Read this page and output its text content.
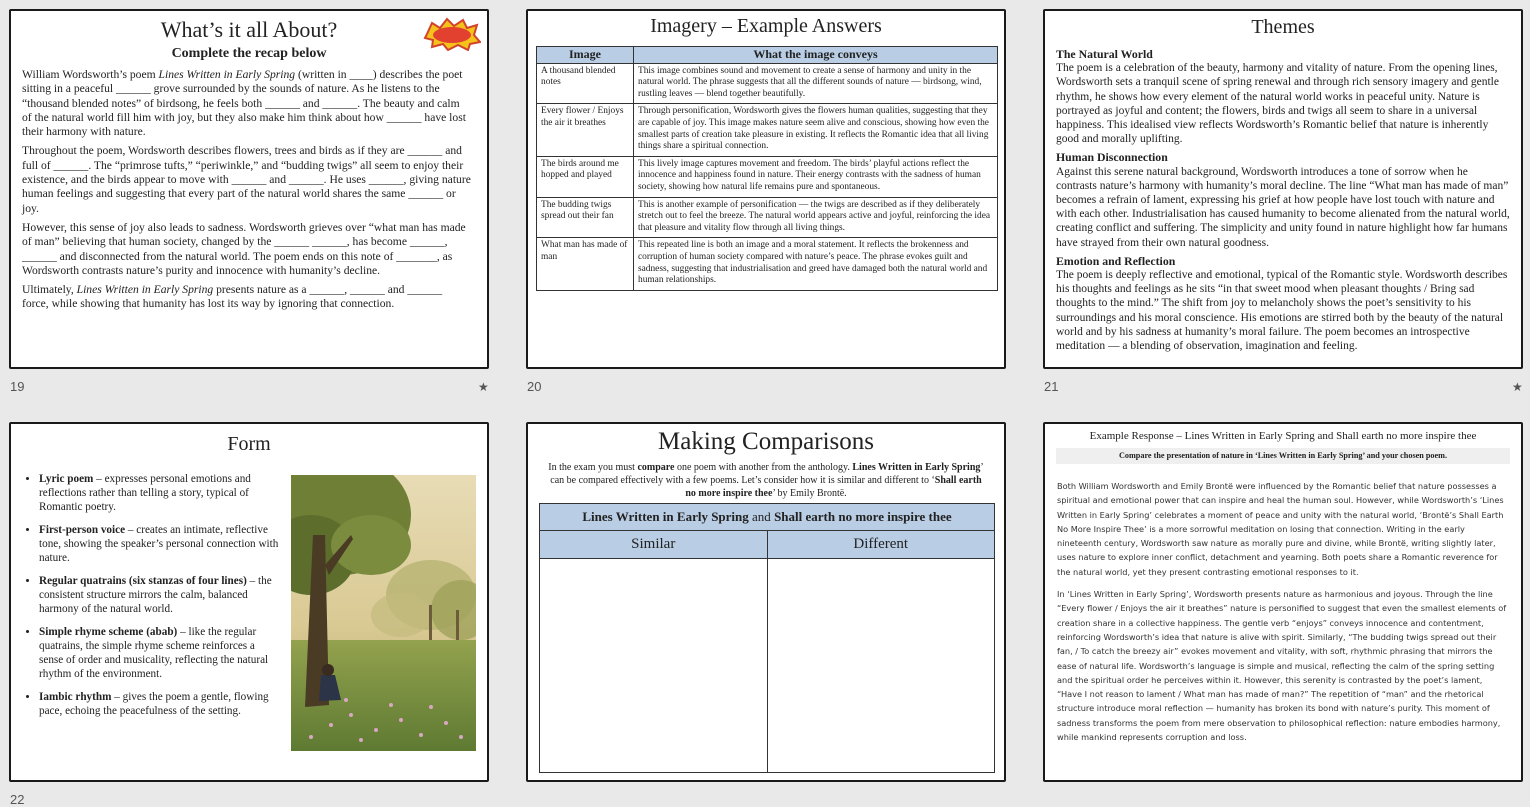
What’s it all About?
Complete the recap below

William Wordsworth’s poem Lines Written in Early Spring (written in ____) describes the poet sitting in a peaceful ______ grove surrounded by the sounds of nature. As he listens to the “thousand blended notes” of birdsong, he feels both ______ and ______. The beauty and calm of the natural world fill him with joy, but they also make him think about how ______ have lost their harmony with nature.

Throughout the poem, Wordsworth describes flowers, trees and birds as if they are ______ and full of ______. The “primrose tufts,” “periwinkle,” and “budding twigs” all seem to enjoy their existence, and the birds appear to move with ______ and ______. He uses ______, giving nature human feelings and suggesting that every part of the natural world shares the same ______ or joy.

However, this sense of joy also leads to sadness. Wordsworth grieves over “what man has made of man” believing that human society, changed by the ______ ______, has become ______, ______ and disconnected from the natural world. The poem ends on this note of _______, as Wordsworth contrasts nature’s purity and innocence with humanity’s decline.

Ultimately, Lines Written in Early Spring presents nature as a ______, ______ and ______ force, while showing that humanity has lost its way by ignoring that connection.

19	★
Imagery – Example Answers
Image	What the image conveys
A thousand blended notes	This image combines sound and movement to create a sense of harmony and unity in the natural world. The phrase suggests that all the different sounds of nature — birdsong, wind, rustling leaves — blend together beautifully.
Every flower / Enjoys the air it breathes	Through personification, Wordsworth gives the flowers human qualities, suggesting that they are capable of joy. This image makes nature seem alive and conscious, showing how even the smallest parts of creation take pleasure in existing. It reflects the Romantic idea that all living things share a spiritual connection.
The birds around me hopped and played	This lively image captures movement and freedom. The birds’ playful actions reflect the innocence and happiness found in nature. Their energy contrasts with the sadness of human society, showing how natural life remains pure and spontaneous.
The budding twigs spread out their fan	This is another example of personification — the twigs are described as if they deliberately stretch out to feel the breeze. The natural world appears active and joyful, reinforcing the idea that pleasure and vitality flow through all living things.
What man has made of man	This repeated line is both an image and a moral statement. It reflects the brokenness and corruption of human society compared with nature’s peace. The phrase evokes guilt and sadness, suggesting that industrialisation and greed have damaged both the natural world and human relationships.
20
Themes
The Natural World

The poem is a celebration of the beauty, harmony and vitality of nature. From the opening lines, Wordsworth sets a tranquil scene of spring renewal and through rich sensory imagery and gentle rhythm, he shows how every element of the natural world works in peaceful unity. Nature is portrayed as joyful and content; the flowers, birds and twigs all seem to share in a universal happiness. This idealised view reflects Wordsworth’s Romantic belief that nature is inherently good and morally uplifting.

Human Disconnection

Against this serene natural background, Wordsworth introduces a tone of sorrow when he contrasts nature’s harmony with humanity’s moral decline. The line “What man has made of man” becomes a refrain of lament, expressing his grief at how people have lost touch with nature and with each other. Industrialisation has caused humanity to become alienated from the natural world, creating conflict and suffering. The simplicity and unity found in nature highlight how far humans have strayed from their own natural goodness.

Emotion and Reflection

The poem is deeply reflective and emotional, typical of the Romantic style. Wordsworth describes his thoughts and feelings as he sits “in that sweet mood when pleasant thoughts / Bring sad thoughts to the mind.” The shift from joy to melancholy shows the poet’s sensitivity to his surroundings and his moral conscience. His emotions are stirred both by the beauty of the natural world and by his sadness at humanity’s moral failure. The poem becomes an introspective meditation — a blending of observation, imagination and feeling.

21	★
Form
• Lyric poem – expresses personal emotions and reflections rather than telling a story, typical of Romantic poetry.
• First-person voice – creates an intimate, reflective tone, showing the speaker’s personal connection with nature.
• Regular quatrains (six stanzas of four lines) – the consistent structure mirrors the calm, balanced harmony of the natural world.
• Simple rhyme scheme (abab) – like the regular quatrains, the simple rhyme scheme reinforces a sense of order and musicality, reflecting the natural rhythm of the environment.
• Iambic rhythm – gives the poem a gentle, flowing pace, echoing the peacefulness of the setting.
22
Making Comparisons
In the exam you must compare one poem with another from the anthology. Lines Written in Early Spring’ can be compared effectively with a few poems. Let’s consider how it is similar and different to ‘Shall earth no more inspire thee’ by Emily Brontë.
Lines Written in Early Spring and Shall earth no more inspire thee
Similar	Different
Example Response – Lines Written in Early Spring and Shall earth no more inspire thee
Compare the presentation of nature in ‘Lines Written in Early Spring’ and your chosen poem.

Both William Wordsworth and Emily Brontë were influenced by the Romantic belief that nature possesses a spiritual and emotional power that can inspire and heal the human soul. However, while Wordsworth’s ‘Lines Written in Early Spring’ celebrates a moment of peace and unity with the natural world, ‘Brontë’s Shall Earth No More Inspire Thee’ is a more sorrowful meditation on losing that connection. Writing in the early nineteenth century, Wordsworth saw nature as morally pure and divine, while Brontë, writing slightly later, uses nature to explore inner conflict, detachment and yearning. Both poets share a Romantic reverence for the natural world, yet they present contrasting emotional responses to it.

In ‘Lines Written in Early Spring’, Wordsworth presents nature as harmonious and joyous. Through the line “Every flower / Enjoys the air it breathes” nature is personified to suggest that even the smallest elements of creation share in a collective happiness. The gentle verb “enjoys” conveys innocence and contentment, reinforcing Wordsworth’s idea that nature is alive with spirit. Similarly, “The budding twigs spread out their fan, / To catch the breezy air” evokes movement and vitality, with soft, rhythmic phrasing that mirrors the ease of natural life. Wordsworth’s language is simple and musical, reflecting the calm of the spring setting and the spiritual order he perceives within it. However, this serenity is contrasted by the poet’s lament, “Have I not reason to lament / What man has made of man?” The repetition of “man” and the rhetorical structure introduce moral reflection — humanity has broken its bond with nature’s purity. This moment of sadness transforms the poem from mere observation to philosophical reflection: nature embodies harmony, while mankind represents corruption and loss.
